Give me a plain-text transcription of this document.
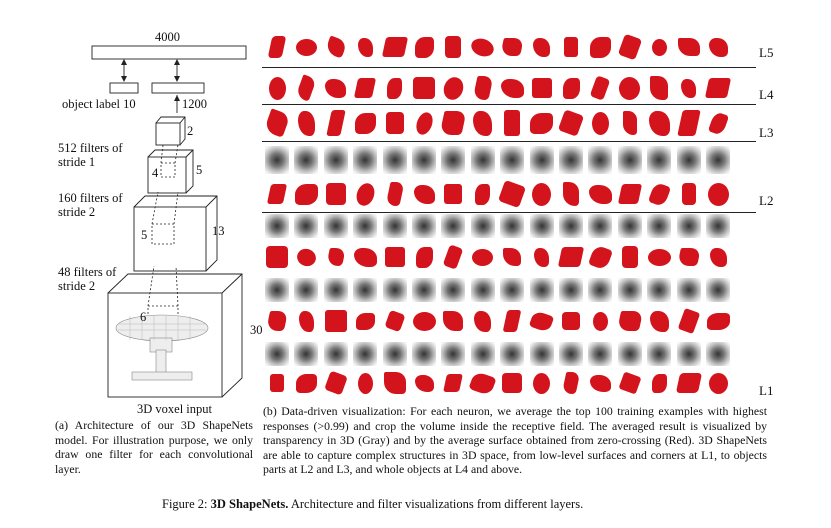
4000
object label 10	1200
2
512 filters of
stride 1
4	5
160 filters of
stride 2
5	13
48 filters of
stride 2
6
30
3D voxel input
L5
L4
L3
L2
L1
(a) Architecture of our 3D ShapeNets model. For illustration purpose, we only draw one filter for each convolutional layer.
(b) Data-driven visualization: For each neuron, we average the top 100 training examples with highest responses (>0.99) and crop the volume inside the receptive field. The averaged result is visualized by transparency in 3D (Gray) and by the average surface obtained from zero-crossing (Red). 3D ShapeNets are able to capture complex structures in 3D space, from low-level surfaces and corners at L1, to objects parts at L2 and L3, and whole objects at L4 and above.
Figure 2: 3D ShapeNets. Architecture and filter visualizations from different layers.
